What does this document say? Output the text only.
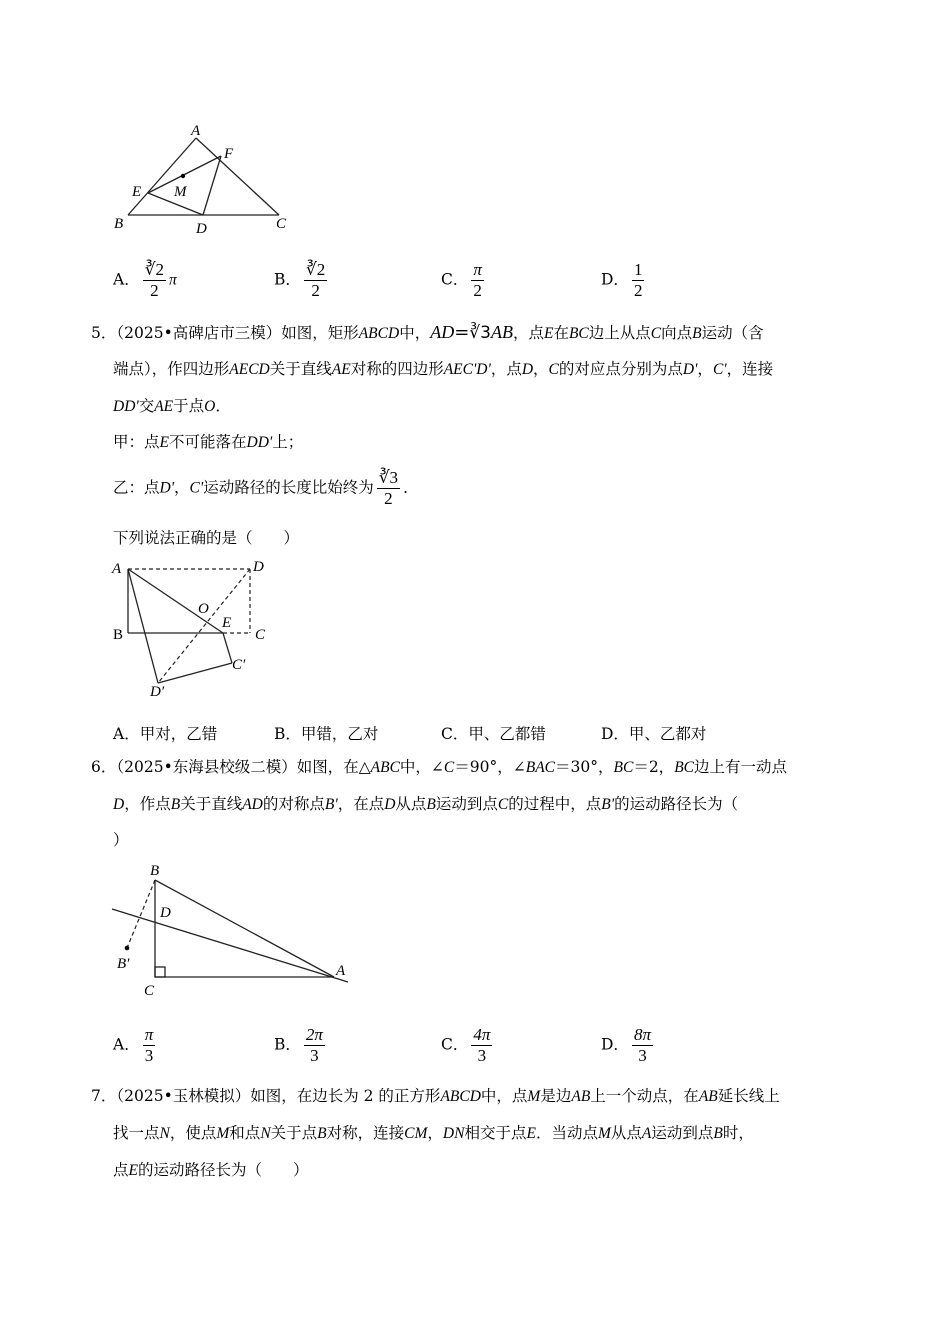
A
F
E M
B	D	C
A． $\frac{∛2}{2}$ π	B． $\frac{∛2}{2}$	C． $\frac{\pi}{2}$	D． $\frac{1}{2}$
5．（2025•高碑店市三模）如图，矩形ABCD中，AD=∛3AB，点E在BC边上从点C向点B运动（含
端点），作四边形AECD关于直线AE对称的四边形AEC'D'，点D，C的对应点分别为点D'，C'，连接
DD'交AE于点O．
甲：点E不可能落在DD'上；
乙：点D'，C'运动路径的长度比始终为 $\frac{∛3}{2}$ ．
下列说法正确的是（　　）
A	D
O
E
B	C
C′
D′
A．甲对，乙错	B．甲错，乙对	C．甲、乙都错	D．甲、乙都对
6．（2025•东海县校级二模）如图，在△ABC中，∠C＝90°，∠BAC＝30°，BC＝2，BC边上有一动点
D，作点B关于直线AD的对称点B'，在点D从点B运动到点C的过程中，点B'的运动路径长为（
）
B
D
B′
C
A
A． $\frac{\pi}{3}$	B． $\frac{2\pi}{3}$	C． $\frac{4\pi}{3}$	D． $\frac{8\pi}{3}$
7．（2025•玉林模拟）如图，在边长为 2 的正方形ABCD中，点M是边AB上一个动点，在AB延长线上
找一点N，使点M和点N关于点B对称，连接CM，DN相交于点E．当动点M从点A运动到点B时，
点E的运动路径长为（　　）
